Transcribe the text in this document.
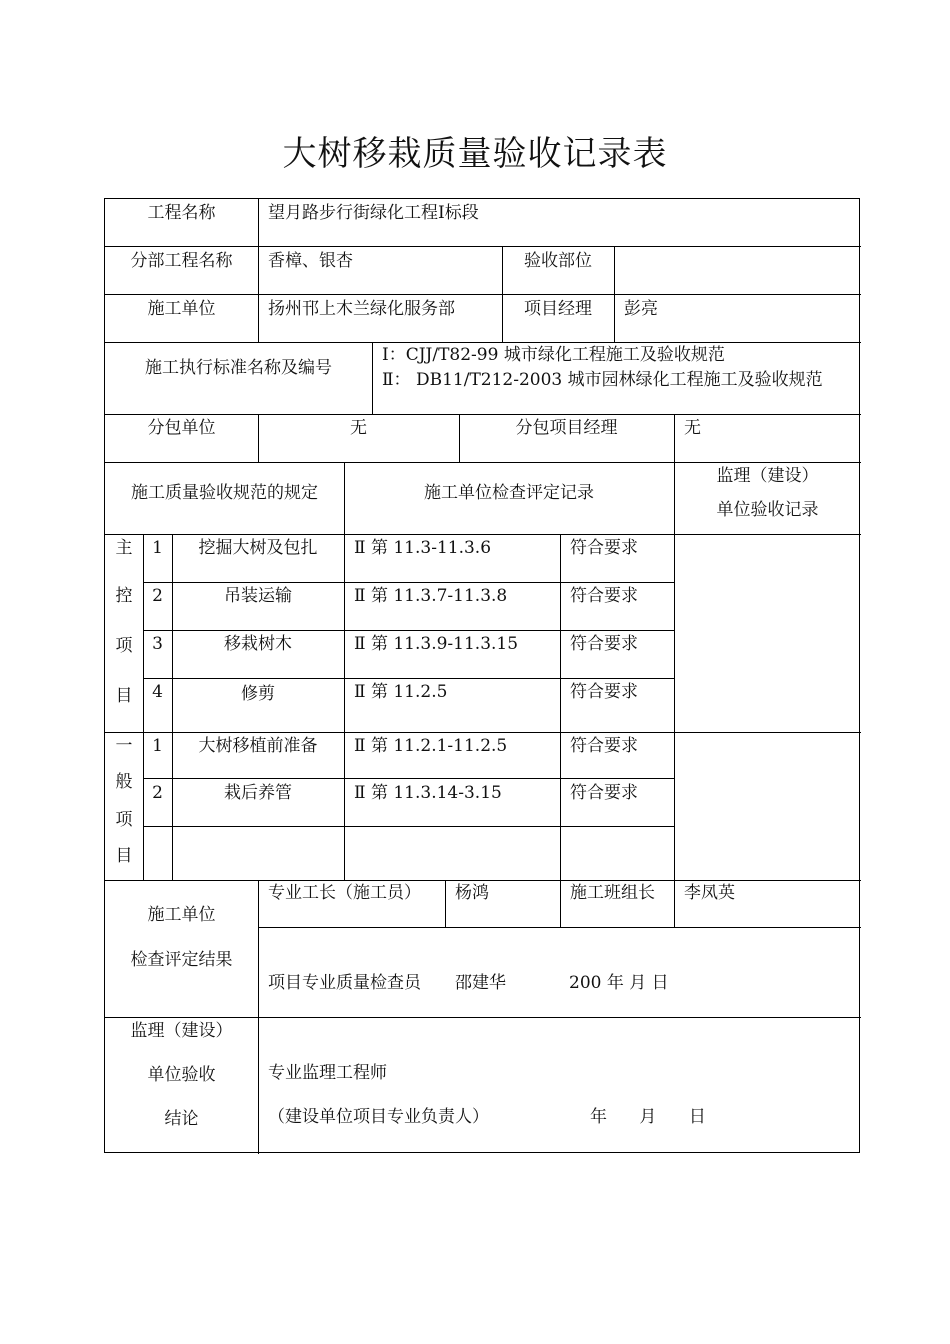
大树移栽质量验收记录表
工程名称	望月路步行街绿化工程Ⅰ标段
分部工程名称	香樟、银杏	验收部位
施工单位	扬州邗上木兰绿化服务部	项目经理	彭亮
施工执行标准名称及编号
Ⅰ：CJJ/T82-99 城市绿化工程施工及验收规范
Ⅱ： DB11/T212-2003 城市园林绿化工程施工及验收规范
分包单位	无	分包项目经理	无
施工质量验收规范的规定	施工单位检查评定记录
监理（建设）
单位验收记录
主
控
项
目
1	挖掘大树及包扎	Ⅱ 第 11.3-11.3.6	符合要求
2	吊装运输	Ⅱ 第 11.3.7-11.3.8	符合要求
3	移栽树木	Ⅱ 第 11.3.9-11.3.15	符合要求
4	修剪	Ⅱ 第 11.2.5	符合要求
一
般
项
目
1	大树移植前准备	Ⅱ 第 11.2.1-11.2.5	符合要求
2	栽后养管	Ⅱ 第 11.3.14-3.15	符合要求
施工单位
检查评定结果
专业工长（施工员） 杨鸿	施工班组长 李凤英
项目专业质量检查员 邵建华	200 年 月 日
监理（建设）
单位验收
结论
专业监理工程师
（建设单位项目专业负责人）	年      月      日
